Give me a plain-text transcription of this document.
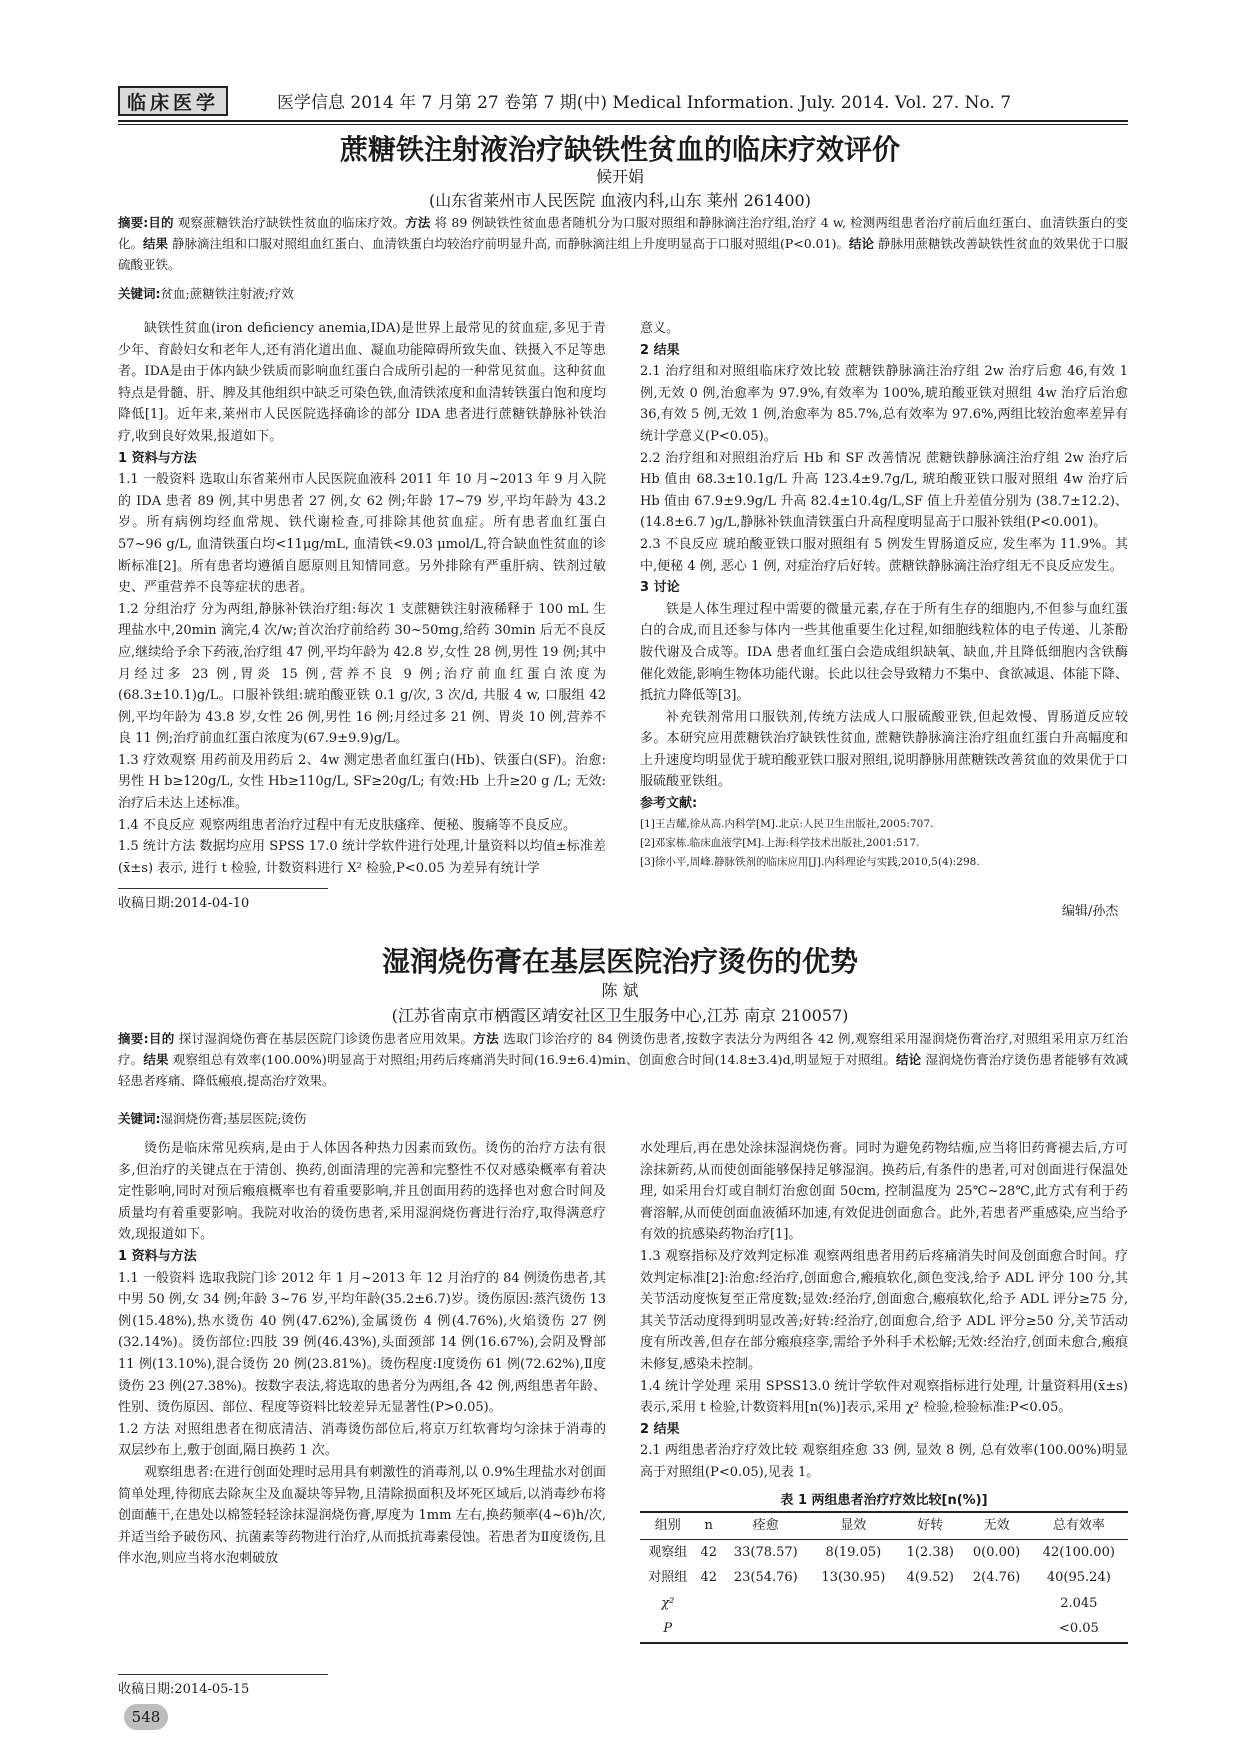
临床医学	医学信息 2014 年 7 月第 27 卷第 7 期(中) Medical Information. July. 2014. Vol. 27. No. 7
蔗糖铁注射液治疗缺铁性贫血的临床疗效评价
候开娟
(山东省莱州市人民医院 血液内科,山东 莱州 261400)
摘要:目的 观察蔗糖铁治疗缺铁性贫血的临床疗效。方法 将 89 例缺铁性贫血患者随机分为口服对照组和静脉滴注治疗组,治疗 4 w, 检测两组患者治疗前后血红蛋白、血清铁蛋白的变化。结果 静脉滴注组和口服对照组血红蛋白、血清铁蛋白均较治疗前明显升高, 而静脉滴注组上升度明显高于口服对照组(P<0.01)。结论 静脉用蔗糖铁改善缺铁性贫血的效果优于口服硫酸亚铁。
关键词:贫血;蔗糖铁注射液;疗效

缺铁性贫血(iron deficiency anemia,IDA)是世界上最常见的贫血症,多见于青少年、育龄妇女和老年人,还有消化道出血、凝血功能障碍所致失血、铁摄入不足等患者。IDA是由于体内缺少铁质而影响血红蛋白合成所引起的一种常见贫血。这种贫血特点是骨髓、肝、脾及其他组织中缺乏可染色铁,血清铁浓度和血清转铁蛋白饱和度均降低[1]。近年来,莱州市人民医院选择确诊的部分 IDA 患者进行蔗糖铁静脉补铁治疗,收到良好效果,报道如下。

1 资料与方法

1.1 一般资料 选取山东省莱州市人民医院血液科 2011 年 10 月~2013 年 9 月入院的 IDA 患者 89 例,其中男患者 27 例,女 62 例;年龄 17~79 岁,平均年龄为 43.2 岁。所有病例均经血常规、铁代谢检查,可排除其他贫血症。所有患者血红蛋白 57~96 g/L, 血清铁蛋白均<11μg/mL, 血清铁<9.03 μmol/L,符合缺血性贫血的诊断标准[2]。所有患者均遵循自愿原则且知情同意。另外排除有严重肝病、铁剂过敏史、严重营养不良等症状的患者。

1.2 分组治疗 分为两组,静脉补铁治疗组:每次 1 支蔗糖铁注射液稀释于 100 mL 生理盐水中,20min 滴完,4 次/w;首次治疗前给药 30~50mg,给药 30min 后无不良反应,继续给予余下药液,治疗组 47 例,平均年龄为 42.8 岁,女性 28 例,男性 19 例;其中月经过多 23 例,胃炎 15 例,营养不良 9 例;治疗前血红蛋白浓度为(68.3±10.1)g/L。口服补铁组:琥珀酸亚铁 0.1 g/次, 3 次/d, 共服 4 w, 口服组 42 例,平均年龄为 43.8 岁,女性 26 例,男性 16 例;月经过多 21 例、胃炎 10 例,营养不良 11 例;治疗前血红蛋白浓度为(67.9±9.9)g/L。

1.3 疗效观察 用药前及用药后 2、4w 测定患者血红蛋白(Hb)、铁蛋白(SF)。治愈: 男性 H b≥120g/L, 女性 Hb≥110g/L, SF≥20g/L; 有效:Hb 上升≥20 g /L; 无效:治疗后未达上述标准。

1.4 不良反应 观察两组患者治疗过程中有无皮肤瘙痒、便秘、腹痛等不良反应。

1.5 统计方法 数据均应用 SPSS 17.0 统计学软件进行处理,计量资料以均值±标准差(x̄±s) 表示, 进行 t 检验, 计数资料进行 X² 检验,P<0.05 为差异有统计学

意义。

2 结果

2.1 治疗组和对照组临床疗效比较 蔗糖铁静脉滴注治疗组 2w 治疗后愈 46,有效 1 例,无效 0 例,治愈率为 97.9%,有效率为 100%,琥珀酸亚铁对照组 4w 治疗后治愈 36,有效 5 例,无效 1 例,治愈率为 85.7%,总有效率为 97.6%,两组比较治愈率差异有统计学意义(P<0.05)。

2.2 治疗组和对照组治疗后 Hb 和 SF 改善情况 蔗糖铁静脉滴注治疗组 2w 治疗后 Hb 值由 68.3±10.1g/L 升高 123.4±9.7g/L, 琥珀酸亚铁口服对照组 4w 治疗后 Hb 值由 67.9±9.9g/L 升高 82.4±10.4g/L,SF 值上升差值分别为 (38.7±12.2)、(14.8±6.7 )g/L,静脉补铁血清铁蛋白升高程度明显高于口服补铁组(P<0.001)。

2.3 不良反应 琥珀酸亚铁口服对照组有 5 例发生胃肠道反应, 发生率为 11.9%。其中,便秘 4 例, 恶心 1 例, 对症治疗后好转。蔗糖铁静脉滴注治疗组无不良反应发生。

3 讨论

铁是人体生理过程中需要的微量元素,存在于所有生存的细胞内,不但参与血红蛋白的合成,而且还参与体内一些其他重要生化过程,如细胞线粒体的电子传递、儿茶酚胺代谢及合成等。IDA 患者血红蛋白会造成组织缺氧、缺血,并且降低细胞内含铁酶催化效能,影响生物体功能代谢。长此以往会导致精力不集中、食欲减退、体能下降、抵抗力降低等[3]。

补充铁剂常用口服铁剂,传统方法成人口服硫酸亚铁,但起效慢、胃肠道反应较多。本研究应用蔗糖铁治疗缺铁性贫血, 蔗糖铁静脉滴注治疗组血红蛋白升高幅度和上升速度均明显优于琥珀酸亚铁口服对照组,说明静脉用蔗糖铁改善贫血的效果优于口服硫酸亚铁组。

参考文献:

[1]王吉耀,徐从高.内科学[M].北京:人民卫生出版社,2005:707.

[2]邓家栋.临床血液学[M].上海:科学技术出版社,2001:517.

[3]徐小平,周峰.静脉铁剂的临床应用[J].内科理论与实践,2010,5(4):298.

收稿日期:2014-04-10
编辑/孙杰
湿润烧伤膏在基层医院治疗烫伤的优势
陈 斌
(江苏省南京市栖霞区靖安社区卫生服务中心,江苏 南京 210057)
摘要:目的 探讨湿润烧伤膏在基层医院门诊烫伤患者应用效果。方法 选取门诊治疗的 84 例烫伤患者,按数字表法分为两组各 42 例,观察组采用湿润烧伤膏治疗,对照组采用京万红治疗。结果 观察组总有效率(100.00%)明显高于对照组;用药后疼痛消失时间(16.9±6.4)min、创面愈合时间(14.8±3.4)d,明显短于对照组。结论 湿润烧伤膏治疗烫伤患者能够有效减轻患者疼痛、降低瘢痕,提高治疗效果。
关键词:湿润烧伤膏;基层医院;烫伤

烫伤是临床常见疾病,是由于人体因各种热力因素而致伤。烫伤的治疗方法有很多,但治疗的关键点在于清创、换药,创面清理的完善和完整性不仅对感染概率有着决定性影响,同时对预后瘢痕概率也有着重要影响,并且创面用药的选择也对愈合时间及质量均有着重要影响。我院对收治的烫伤患者,采用湿润烧伤膏进行治疗,取得满意疗效,现报道如下。

1 资料与方法

1.1 一般资料 选取我院门诊 2012 年 1 月~2013 年 12 月治疗的 84 例烫伤患者,其中男 50 例,女 34 例;年龄 3~76 岁,平均年龄(35.2±6.7)岁。烫伤原因:蒸汽烫伤 13 例(15.48%),热水烫伤 40 例(47.62%),金属烫伤 4 例(4.76%),火焰烫伤 27 例(32.14%)。烫伤部位:四肢 39 例(46.43%),头面颈部 14 例(16.67%),会阴及臀部 11 例(13.10%),混合烫伤 20 例(23.81%)。烫伤程度:Ⅰ度烫伤 61 例(72.62%),Ⅱ度烫伤 23 例(27.38%)。按数字表法,将选取的患者分为两组,各 42 例,两组患者年龄、性别、烫伤原因、部位、程度等资料比较差异无显著性(P>0.05)。

1.2 方法 对照组患者在彻底清洁、消毒烫伤部位后,将京万红软膏均匀涂抹于消毒的双层纱布上,敷于创面,隔日换药 1 次。

观察组患者:在进行创面处理时忌用具有刺激性的消毒剂,以 0.9%生理盐水对创面简单处理,待彻底去除灰尘及血凝块等异物,且清除损面积及坏死区域后,以消毒纱布将创面蘸干,在患处以棉签轻轻涂抹湿润烧伤膏,厚度为 1mm 左右,换药频率(4~6)h/次,并适当给予破伤风、抗菌素等药物进行治疗,从而抵抗毒素侵蚀。若患者为Ⅱ度烫伤,且伴水泡,则应当将水泡刺破放

水处理后,再在患处涂抹湿润烧伤膏。同时为避免药物结痂,应当将旧药膏褪去后,方可涂抹新药,从而使创面能够保持足够湿润。换药后,有条件的患者,可对创面进行保温处理, 如采用台灯或自制灯治愈创面 50cm, 控制温度为 25℃~28℃,此方式有利于药膏溶解,从而使创面血液循环加速,有效促进创面愈合。此外,若患者严重感染,应当给予有效的抗感染药物治疗[1]。

1.3 观察指标及疗效判定标准 观察两组患者用药后疼痛消失时间及创面愈合时间。疗效判定标准[2]:治愈:经治疗,创面愈合,瘢痕软化,颜色变浅,给予 ADL 评分 100 分,其关节活动度恢复至正常度数;显效:经治疗,创面愈合,瘢痕软化,给予 ADL 评分≥75 分,其关节活动度得到明显改善;好转:经治疗,创面愈合,给予 ADL 评分≥50 分,关节活动度有所改善,但存在部分瘢痕痉挛,需给予外科手术松解;无效:经治疗,创面未愈合,瘢痕未修复,感染未控制。

1.4 统计学处理 采用 SPSS13.0 统计学软件对观察指标进行处理, 计量资料用(x̄±s)表示,采用 t 检验,计数资料用[n(%)]表示,采用 χ² 检验,检验标准:P<0.05。

2 结果

2.1 两组患者治疗疗效比较 观察组痊愈 33 例, 显效 8 例, 总有效率(100.00%)明显高于对照组(P<0.05),见表 1。

表 1 两组患者治疗疗效比较[n(%)]
组别	n	痊愈	显效	好转	无效	总有效率
观察组	42	33(78.57)	8(19.05)	1(2.38)	0(0.00)	42(100.00)
对照组	42	23(54.76)	13(30.95)	4(9.52)	2(4.76)	40(95.24)
χ²						2.045
P						<0.05
收稿日期:2014-05-15
548
